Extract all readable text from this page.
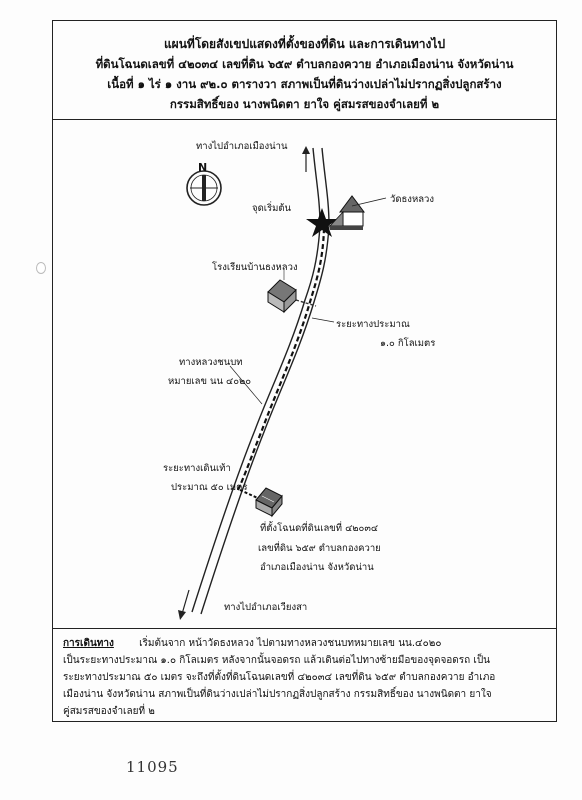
แผนที่โดยสังเขปแสดงที่ตั้งของที่ดิน และการเดินทางไป
ที่ดินโฉนดเลขที่ ๔๒๐๓๔ เลขที่ดิน ๖๕๙ ตำบลกองควาย อำเภอเมืองน่าน จังหวัดน่าน
เนื้อที่ ๑ ไร่ ๑ งาน ๙๒.๐ ตารางวา สภาพเป็นที่ดินว่างเปล่าไม่ปรากฏสิ่งปลูกสร้าง
กรรมสิทธิ์ของ นางพนิดตา ยาใจ คู่สมรสของจำเลยที่ ๒
ทางไปอำเภอเมืองน่าน
N
วัดธงหลวง
จุดเริ่มต้น
โรงเรียนบ้านธงหลวง
ระยะทางประมาณ
๑.๐ กิโลเมตร
ทางหลวงชนบท
หมายเลข นน ๔๐๒๐
ระยะทางเดินเท้า
ประมาณ ๕๐ เมตร
ที่ตั้งโฉนดที่ดินเลขที่ ๔๒๐๓๔
เลขที่ดิน ๖๕๙ ตำบลกองควาย
อำเภอเมืองน่าน จังหวัดน่าน
ทางไปอำเภอเวียงสา
การเดินทาง	เริ่มต้นจาก หน้าวัดธงหลวง ไปตามทางหลวงชนบทหมายเลข นน.๔๐๒๐
เป็นระยะทางประมาณ ๑.๐ กิโลเมตร หลังจากนั้นจอดรถ แล้วเดินต่อไปทางซ้ายมือของจุดจอดรถ เป็น
ระยะทางประมาณ ๕๐ เมตร จะถึงที่ตั้งที่ดินโฉนดเลขที่ ๔๒๐๓๔ เลขที่ดิน ๖๕๙ ตำบลกองควาย อำเภอ
เมืองน่าน จังหวัดน่าน สภาพเป็นที่ดินว่างเปล่าไม่ปรากฏสิ่งปลูกสร้าง กรรมสิทธิ์ของ นางพนิดตา ยาใจ
คู่สมรสของจำเลยที่ ๒
11095
